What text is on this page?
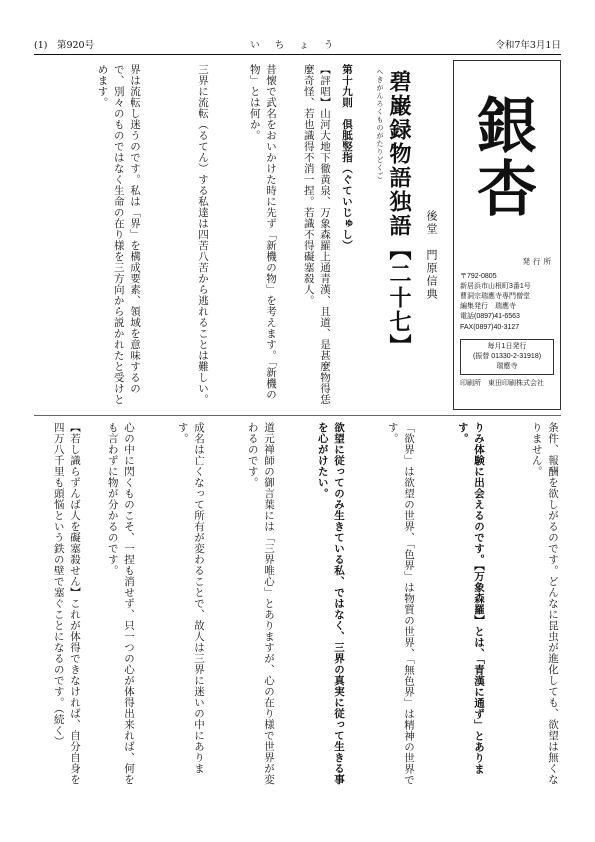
(1)　第920号	い ち ょ う	令和7年3月1日
銀
杏
発行所
〒792-0805
新居浜市山根町3番1号
曹洞宗瑞應寺専門僧堂
編集発行　瑞應寺
電話(0897)41-6563
FAX(0897)40-3127
毎月1日発行
(振替 01330-2-31918)
瑞應寺
印刷所　東田印刷株式会社
へきがんろくものがたりどくご 碧巌録物語独語【二十七】 後堂　門原信典
第十九則　倶胝竪指（ぐていじゅし）
【評唱】山河大地下徹黄泉、万象森羅上通青漢、且道、是甚麼物得恁麼奇怪、若也識得不消一捏。若識不得礙塞殺人。
昔懐で武名をおいかけた時に先ず「新機の物」を考えます。「新機の物」とは何か。
三界に流転（るてん）する私達は四苦八苦から逃れることは難しい。
界は流転し迷うのです。私は「界」を構成要素、領域を意味するので、別々のものではなく生命の在り様を三方向から説かれたと受けとめます。
条件、報酬を欲しがるのです。どんなに昆虫が進化しても、欲望は無くなりません。
りみ体験に出会えるのです。【万象森羅】とは、「青漢に通ず」とあります。
「欲界」は欲望の世界、「色界」は物質の世界、「無色界」は精神の世界です。
欲望に従ってのみ生きている私、ではなく、三界の真実に従って生きる事を心がけたい。
道元禅師の御言葉には「三界唯心」とありますが、心の在り様で世界が変わるのです。
成名は亡くなって所有が変わることで、故人は三界に迷いの中にあります。
心の中に閃くものこそ、一捏も消せず、只一つの心が体得出来れば、何をも言わずに物が分かるのです。
【若し識らずんば人を礙塞殺せん】これが体得できなければ、自分自身を四万八千里も頭悩という鉄の壁で塞ぐことになるのです。（続く）
